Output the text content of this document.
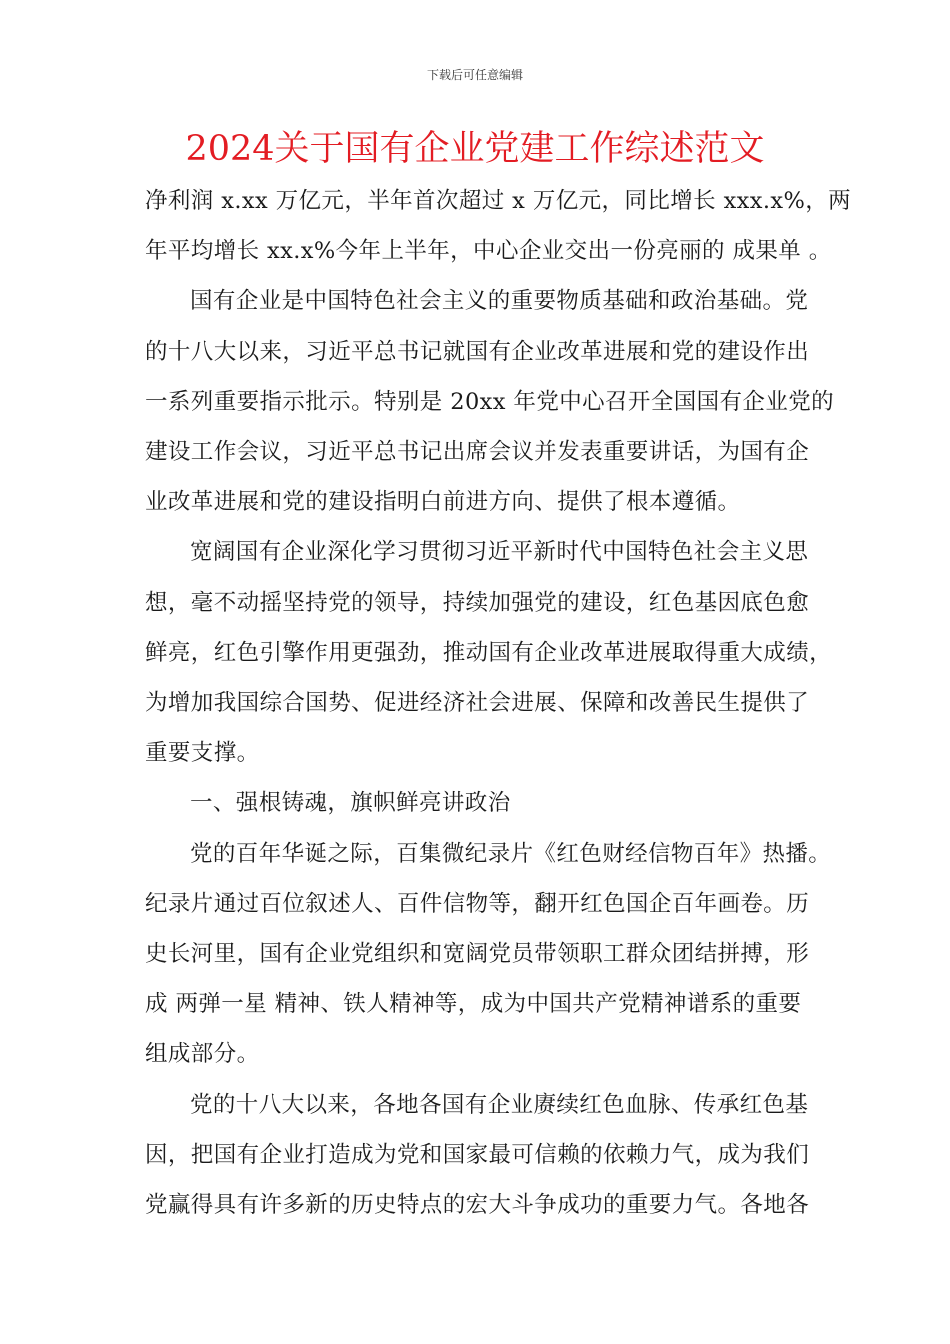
下载后可任意编辑
2024关于国有企业党建工作综述范文

净利润 x.xx 万亿元，半年首次超过 x 万亿元，同比增长 xxx.x%，两
年平均增长 xx.x%今年上半年，中心企业交出一份亮丽的 成果单 。

国有企业是中国特色社会主义的重要物质基础和政治基础。党
的十八大以来，习近平总书记就国有企业改革进展和党的建设作出
一系列重要指示批示。特别是 20xx 年党中心召开全国国有企业党的
建设工作会议，习近平总书记出席会议并发表重要讲话，为国有企
业改革进展和党的建设指明白前进方向、提供了根本遵循。

宽阔国有企业深化学习贯彻习近平新时代中国特色社会主义思
想，毫不动摇坚持党的领导，持续加强党的建设，红色基因底色愈
鲜亮，红色引擎作用更强劲，推动国有企业改革进展取得重大成绩，
为增加我国综合国势、促进经济社会进展、保障和改善民生提供了
重要支撑。

一、强根铸魂，旗帜鲜亮讲政治

党的百年华诞之际，百集微纪录片《红色财经信物百年》热播。
纪录片通过百位叙述人、百件信物等，翻开红色国企百年画卷。历
史长河里，国有企业党组织和宽阔党员带领职工群众团结拼搏，形
成 两弹一星 精神、铁人精神等，成为中国共产党精神谱系的重要
组成部分。

党的十八大以来，各地各国有企业赓续红色血脉、传承红色基
因，把国有企业打造成为党和国家最可信赖的依赖力气，成为我们
党赢得具有许多新的历史特点的宏大斗争成功的重要力气。各地各
